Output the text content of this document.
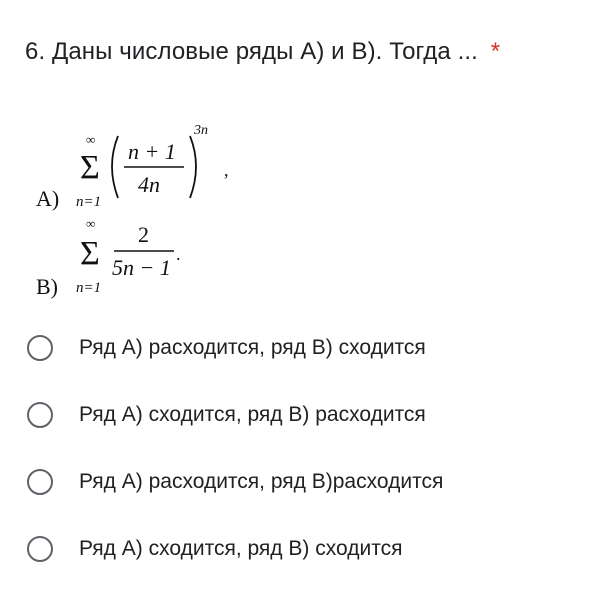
6. Даны числовые ряды А) и В). Тогда ... *
А)
∞
Σ
n=1
n + 1
4n
3n
,
∞
Σ
2
5n − 1
.
В) n=1
Ряд А) расходится, ряд В) сходится
Ряд А) сходится, ряд В) расходится
Ряд А) расходится, ряд В)расходится
Ряд А) сходится, ряд В) сходится
